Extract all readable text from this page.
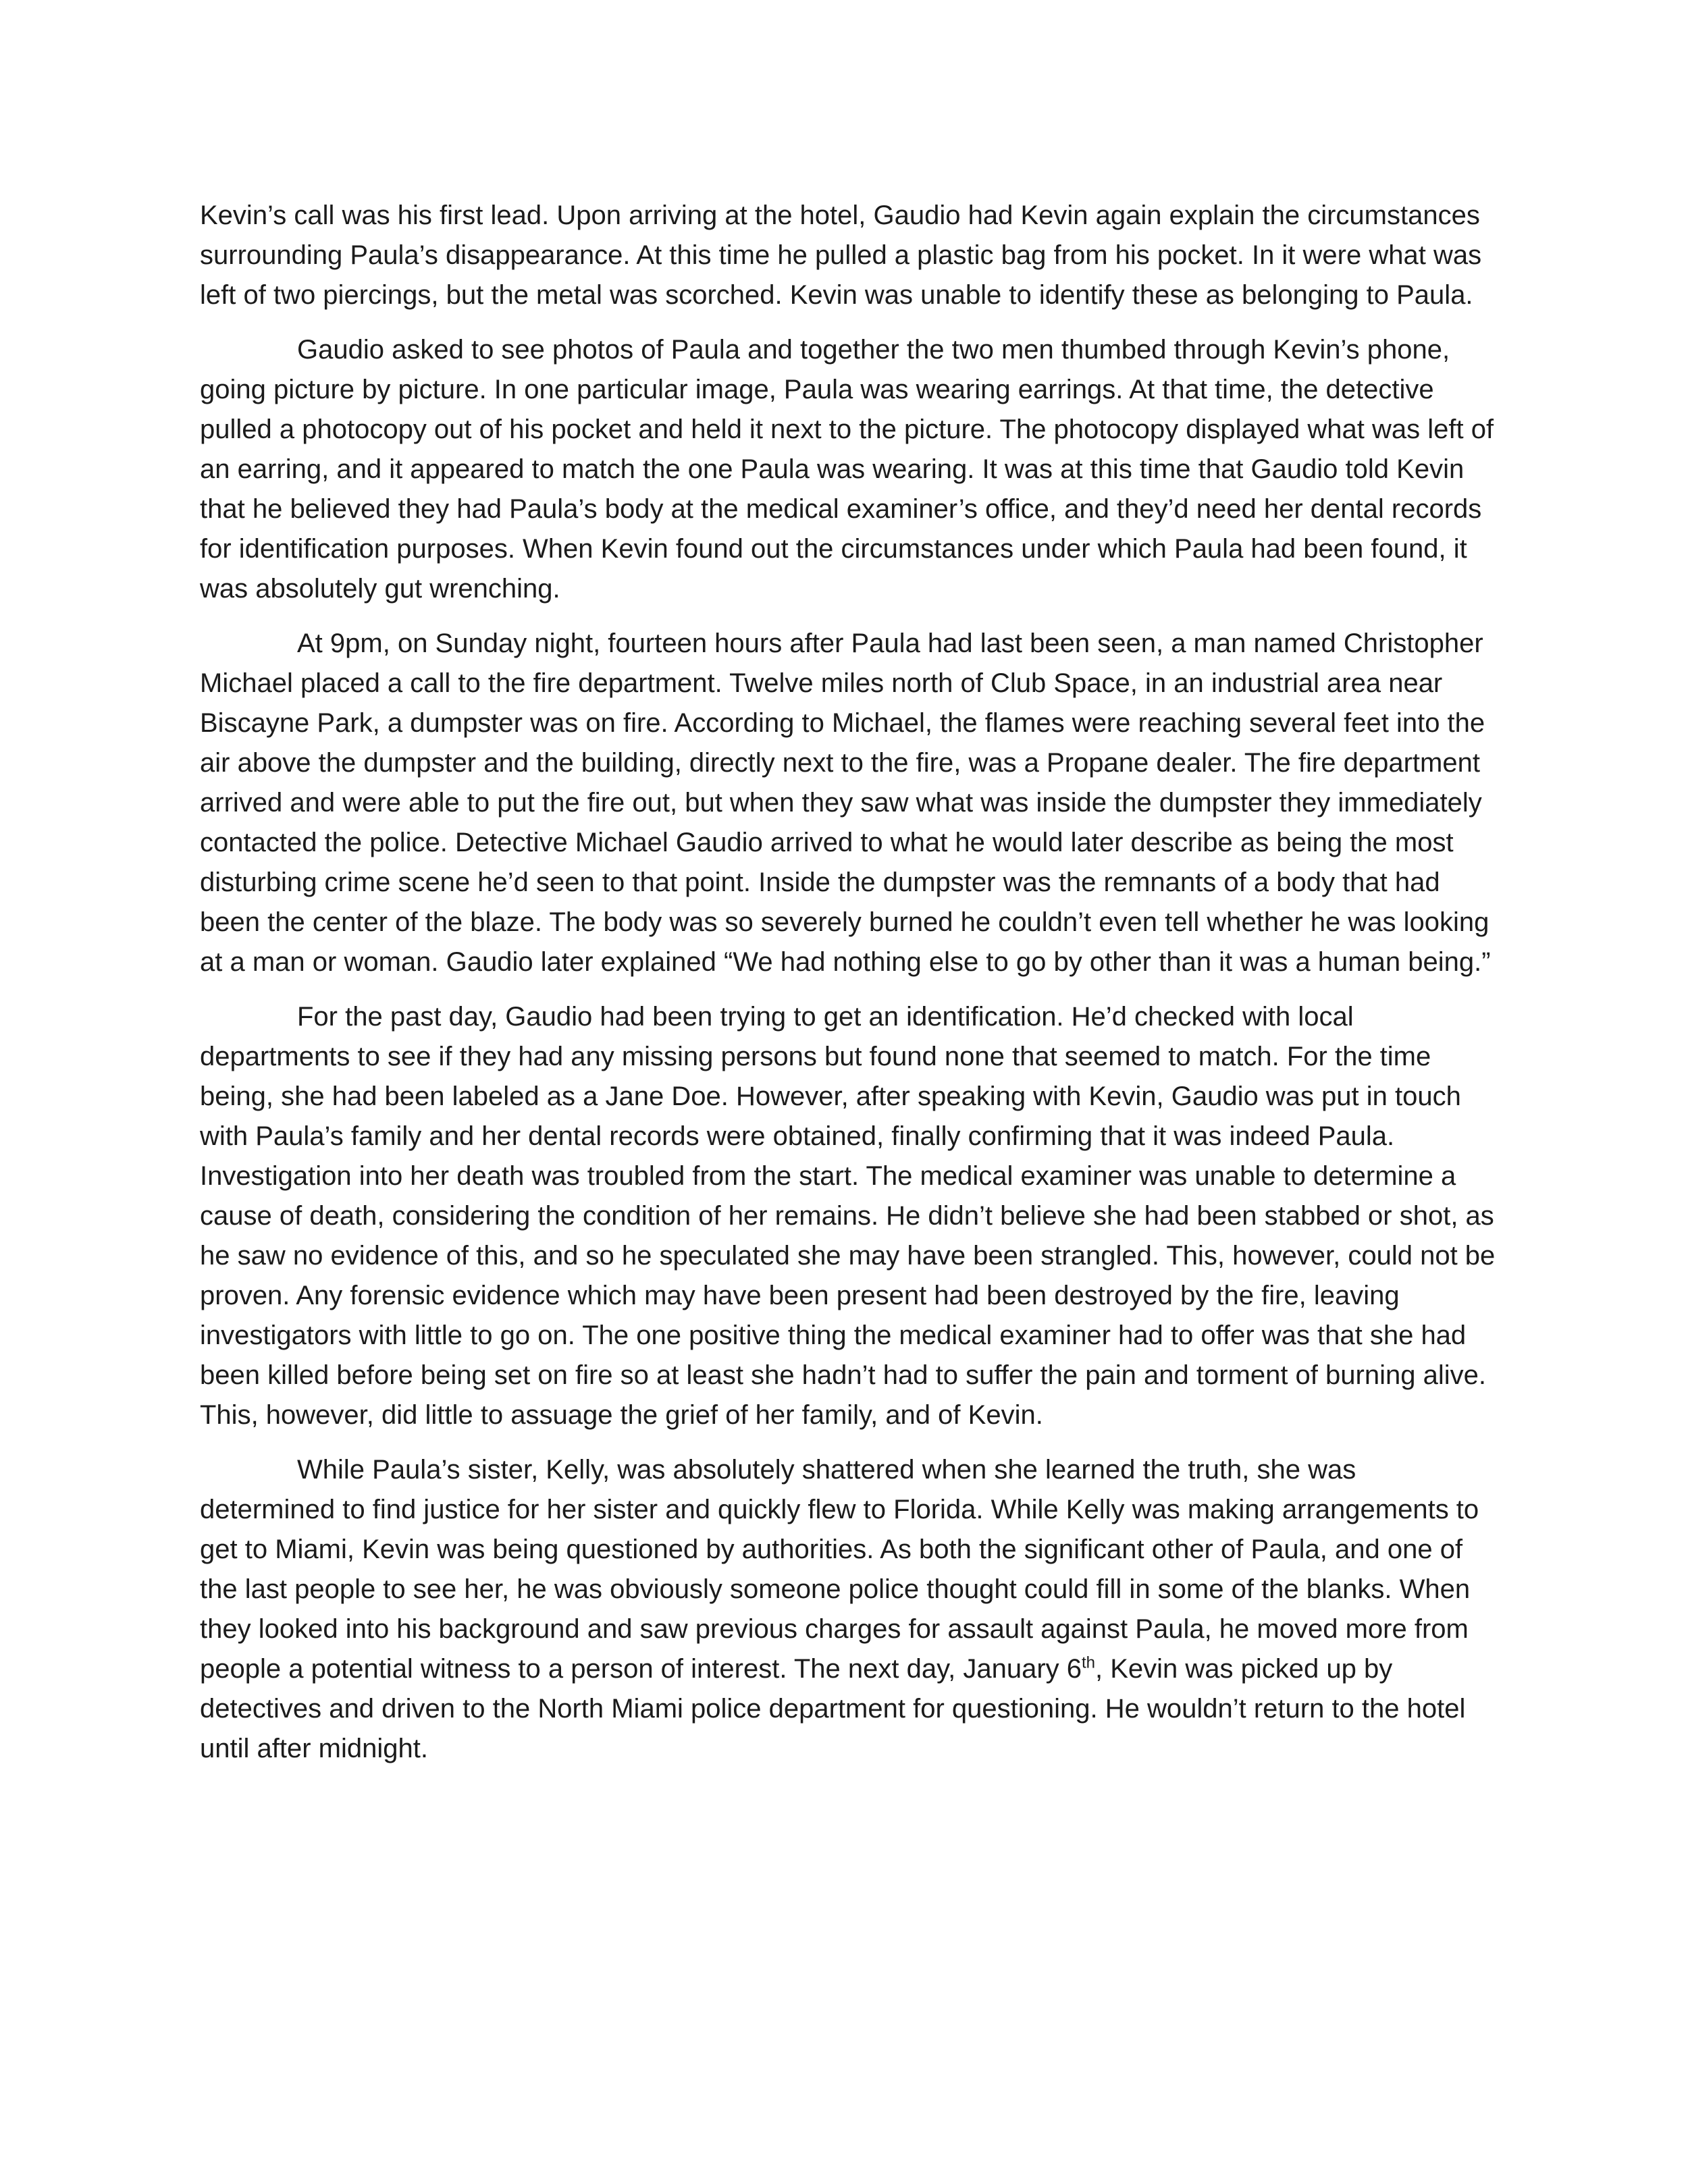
Kevin’s call was his first lead. Upon arriving at the hotel, Gaudio had Kevin again explain the circumstances surrounding Paula’s disappearance. At this time he pulled a plastic bag from his pocket. In it were what was left of two piercings, but the metal was scorched. Kevin was unable to identify these as belonging to Paula.

Gaudio asked to see photos of Paula and together the two men thumbed through Kevin’s phone, going picture by picture. In one particular image, Paula was wearing earrings. At that time, the detective pulled a photocopy out of his pocket and held it next to the picture. The photocopy displayed what was left of an earring, and it appeared to match the one Paula was wearing. It was at this time that Gaudio told Kevin that he believed they had Paula’s body at the medical examiner’s office, and they’d need her dental records for identification purposes. When Kevin found out the circumstances under which Paula had been found, it was absolutely gut wrenching.

At 9pm, on Sunday night, fourteen hours after Paula had last been seen, a man named Christopher Michael placed a call to the fire department. Twelve miles north of Club Space, in an industrial area near Biscayne Park, a dumpster was on fire. According to Michael, the flames were reaching several feet into the air above the dumpster and the building, directly next to the fire, was a Propane dealer. The fire department arrived and were able to put the fire out, but when they saw what was inside the dumpster they immediately contacted the police. Detective Michael Gaudio arrived to what he would later describe as being the most disturbing crime scene he’d seen to that point. Inside the dumpster was the remnants of a body that had been the center of the blaze. The body was so severely burned he couldn’t even tell whether he was looking at a man or woman. Gaudio later explained “We had nothing else to go by other than it was a human being.”

For the past day, Gaudio had been trying to get an identification. He’d checked with local departments to see if they had any missing persons but found none that seemed to match. For the time being, she had been labeled as a Jane Doe. However, after speaking with Kevin, Gaudio was put in touch with Paula’s family and her dental records were obtained, finally confirming that it was indeed Paula. Investigation into her death was troubled from the start. The medical examiner was unable to determine a cause of death, considering the condition of her remains. He didn’t believe she had been stabbed or shot, as he saw no evidence of this, and so he speculated she may have been strangled. This, however, could not be proven. Any forensic evidence which may have been present had been destroyed by the fire, leaving investigators with little to go on. The one positive thing the medical examiner had to offer was that she had been killed before being set on fire so at least she hadn’t had to suffer the pain and torment of burning alive. This, however, did little to assuage the grief of her family, and of Kevin.

While Paula’s sister, Kelly, was absolutely shattered when she learned the truth, she was determined to find justice for her sister and quickly flew to Florida. While Kelly was making arrangements to get to Miami, Kevin was being questioned by authorities. As both the significant other of Paula, and one of the last people to see her, he was obviously someone police thought could fill in some of the blanks. When they looked into his background and saw previous charges for assault against Paula, he moved more from people a potential witness to a person of interest. The next day, January 6th, Kevin was picked up by detectives and driven to the North Miami police department for questioning. He wouldn’t return to the hotel until after midnight.
